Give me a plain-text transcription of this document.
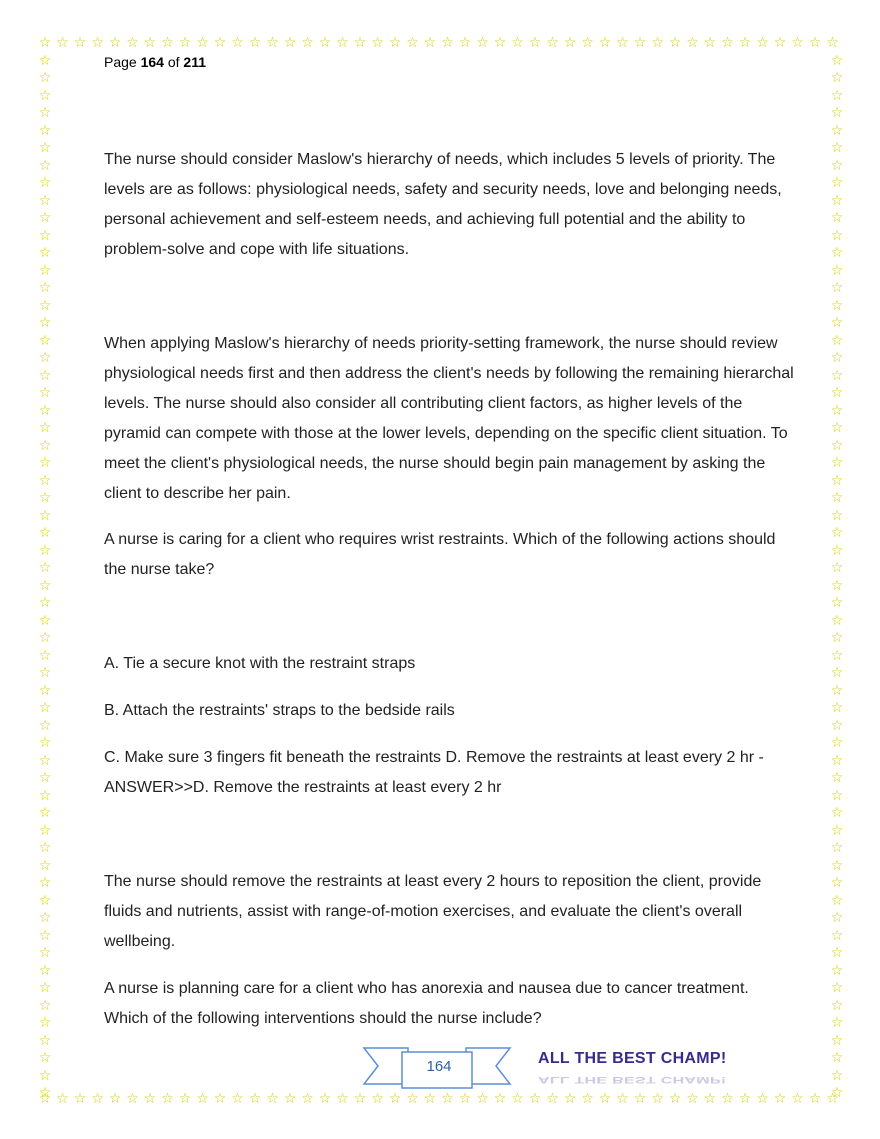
☆
☆
☆
☆
☆
☆
☆
☆
☆
☆
☆
☆
☆
☆
☆
☆
☆
☆
☆
☆
☆
☆
☆
☆
☆
☆
☆
☆
☆
☆
☆
☆
☆
☆
☆
☆
☆
☆
☆
☆
☆
☆
☆
☆
☆
☆
☆
☆
☆
☆
☆
☆
☆
☆
☆
☆
☆
☆
☆
☆
☆
☆
☆
☆
☆
☆
☆
☆
☆
☆
☆
☆
☆
☆
☆
☆
☆
☆
☆
☆
☆
☆
☆
☆
☆
☆
☆
☆
☆
☆
☆
☆
☆
☆
☆
☆
☆
☆
☆
☆
☆
☆
☆
☆
☆
☆
☆
☆
☆
☆
☆
☆
☆
☆
☆
☆
☆
☆
☆
☆
☆
☆
☆
☆
☆
☆
☆
☆
☆
☆
☆
☆
☆
☆
☆
☆
☆
☆
☆
☆
☆
☆
☆
☆
☆
☆
☆
☆
☆
☆
☆
☆
☆
☆
☆
☆
☆
☆
☆
☆
☆
☆
☆
☆
☆
☆
☆
☆
☆
☆
☆
☆
☆
☆
☆
☆
☆
☆
☆
☆
☆
☆
☆
☆
☆
☆
☆
☆
☆
☆
☆
☆
☆
☆
☆
☆
☆
☆
☆
☆
☆
☆
☆
☆
☆
☆
☆
☆
☆
☆
☆
☆
Page 164 of 211

The nurse should consider Maslow's hierarchy of needs, which includes 5 levels of priority. The levels are as follows: physiological needs, safety and security needs, love and belonging needs, personal achievement and self-esteem needs, and achieving full potential and the ability to problem-solve and cope with life situations.

When applying Maslow's hierarchy of needs priority-setting framework, the nurse should review physiological needs first and then address the client's needs by following the remaining hierarchal levels. The nurse should also consider all contributing client factors, as higher levels of the pyramid can compete with those at the lower levels, depending on the specific client situation. To meet the client's physiological needs, the nurse should begin pain management by asking the client to describe her pain.

A nurse is caring for a client who requires wrist restraints. Which of the following actions should the nurse take?

A. Tie a secure knot with the restraint straps

B. Attach the restraints' straps to the bedside rails

C. Make sure 3 fingers fit beneath the restraints D. Remove the restraints at least every 2 hr - ANSWER>>D. Remove the restraints at least every 2 hr

The nurse should remove the restraints at least every 2 hours to reposition the client, provide fluids and nutrients, assist with range-of-motion exercises, and evaluate the client's overall wellbeing.

A nurse is planning care for a client who has anorexia and nausea due to cancer treatment. Which of the following interventions should the nurse include?

164	ALL THE BEST CHAMP!
ALL THE BEST CHAMP!
